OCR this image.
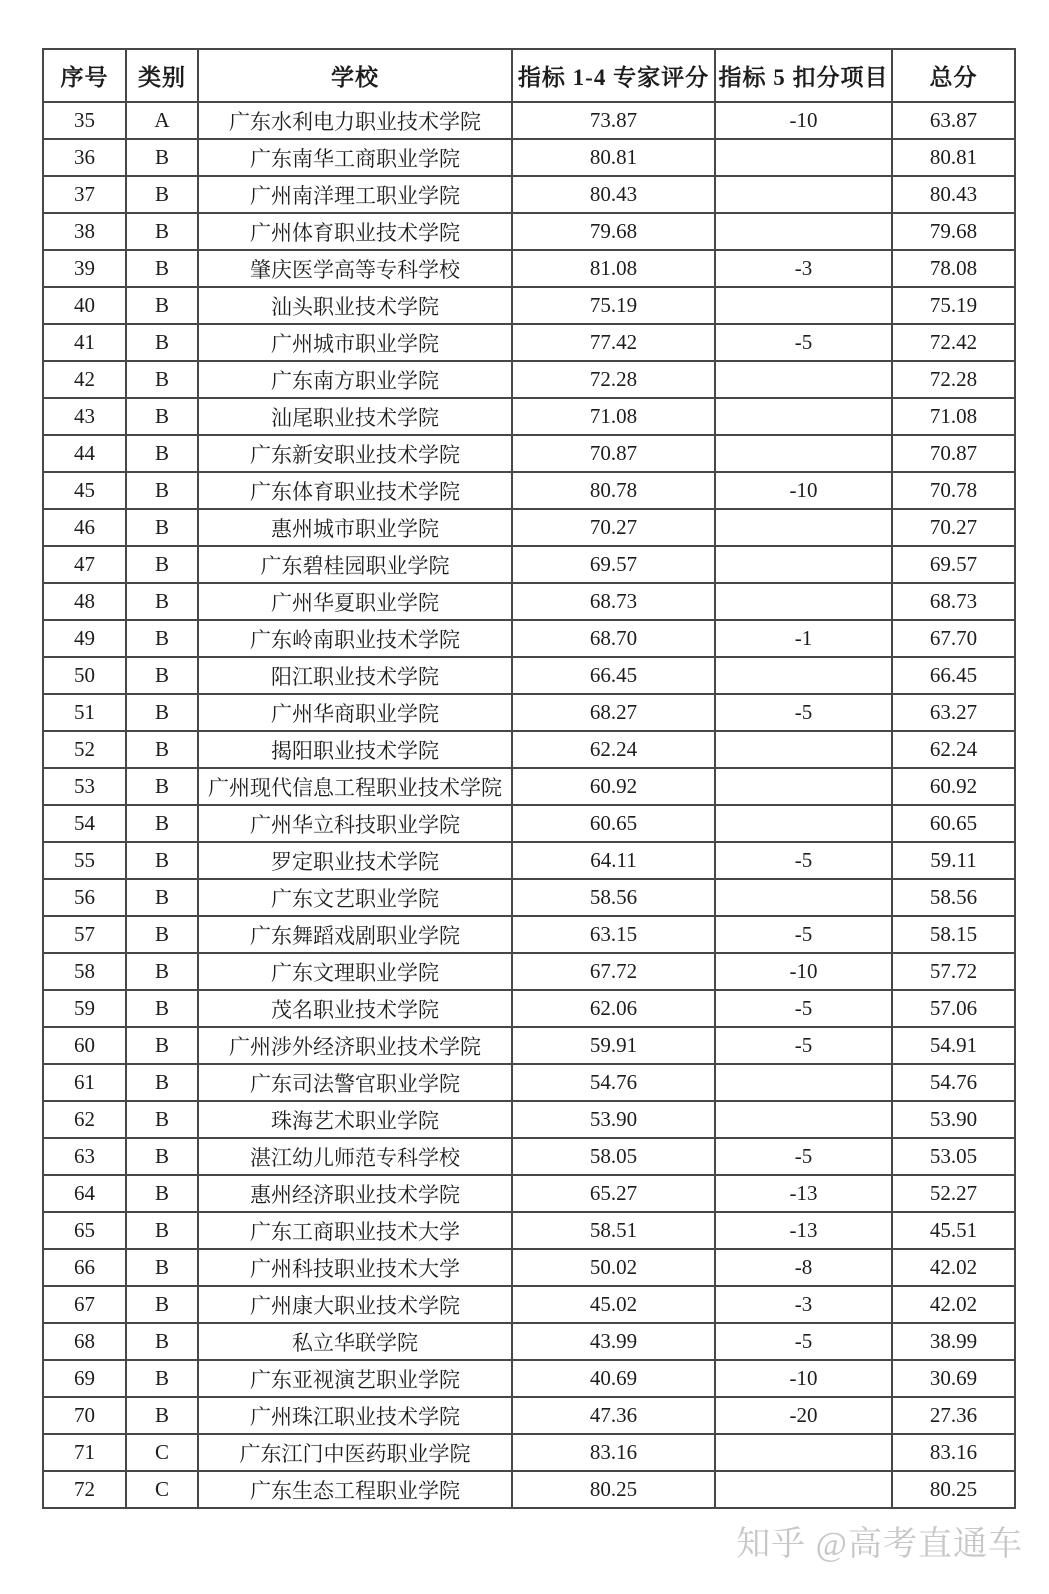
序号	类别	学校	指标 1-4 专家评分	指标 5 扣分项目	总分
35	A	广东水利电力职业技术学院	73.87	-10	63.87
36	B	广东南华工商职业学院	80.81		80.81
37	B	广州南洋理工职业学院	80.43		80.43
38	B	广州体育职业技术学院	79.68		79.68
39	B	肇庆医学高等专科学校	81.08	-3	78.08
40	B	汕头职业技术学院	75.19		75.19
41	B	广州城市职业学院	77.42	-5	72.42
42	B	广东南方职业学院	72.28		72.28
43	B	汕尾职业技术学院	71.08		71.08
44	B	广东新安职业技术学院	70.87		70.87
45	B	广东体育职业技术学院	80.78	-10	70.78
46	B	惠州城市职业学院	70.27		70.27
47	B	广东碧桂园职业学院	69.57		69.57
48	B	广州华夏职业学院	68.73		68.73
49	B	广东岭南职业技术学院	68.70	-1	67.70
50	B	阳江职业技术学院	66.45		66.45
51	B	广州华商职业学院	68.27	-5	63.27
52	B	揭阳职业技术学院	62.24		62.24
53	B	广州现代信息工程职业技术学院	60.92		60.92
54	B	广州华立科技职业学院	60.65		60.65
55	B	罗定职业技术学院	64.11	-5	59.11
56	B	广东文艺职业学院	58.56		58.56
57	B	广东舞蹈戏剧职业学院	63.15	-5	58.15
58	B	广东文理职业学院	67.72	-10	57.72
59	B	茂名职业技术学院	62.06	-5	57.06
60	B	广州涉外经济职业技术学院	59.91	-5	54.91
61	B	广东司法警官职业学院	54.76		54.76
62	B	珠海艺术职业学院	53.90		53.90
63	B	湛江幼儿师范专科学校	58.05	-5	53.05
64	B	惠州经济职业技术学院	65.27	-13	52.27
65	B	广东工商职业技术大学	58.51	-13	45.51
66	B	广州科技职业技术大学	50.02	-8	42.02
67	B	广州康大职业技术学院	45.02	-3	42.02
68	B	私立华联学院	43.99	-5	38.99
69	B	广东亚视演艺职业学院	40.69	-10	30.69
70	B	广州珠江职业技术学院	47.36	-20	27.36
71	C	广东江门中医药职业学院	83.16		83.16
72	C	广东生态工程职业学院	80.25		80.25
知乎 @高考直通车
